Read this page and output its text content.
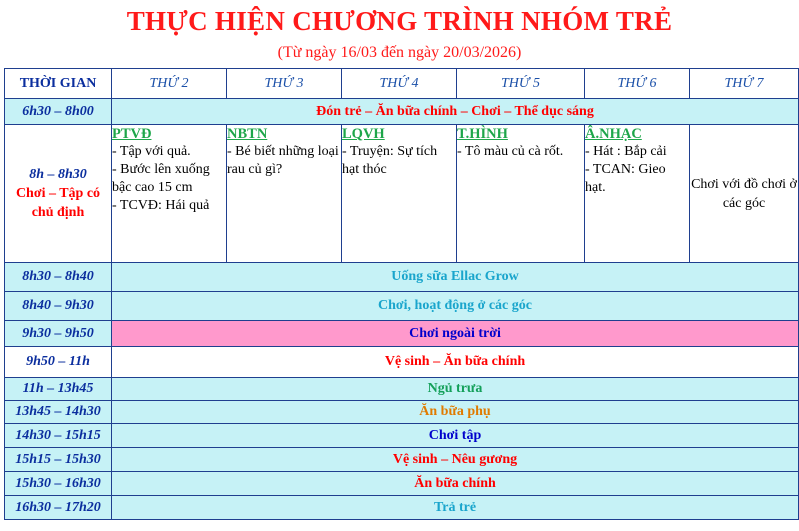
THỰC HIỆN CHƯƠNG TRÌNH NHÓM TRẺ
(Từ ngày 16/03 đến ngày 20/03/2026)
THỜI GIAN	THỨ 2	THỨ 3	THỨ 4	THỨ 5	THỨ 6	THỨ 7
6h30 – 8h00	Đón trẻ – Ăn bữa chính – Chơi – Thể dục sáng					

8h – 8h30
Chơi – Tập có chủ định	PTVĐ
- Tập với quả.
- Bước lên xuống bậc cao 15 cm
- TCVĐ: Hái quả	NBTN
- Bé biết những loại rau củ gì?	LQVH
- Truyện: Sự tích hạt thóc	T.HÌNH
- Tô màu củ cà rốt.	Â.NHẠC
- Hát : Bắp cải
- TCAN: Gieo hạt.	Chơi với đồ chơi ở các góc
8h30 – 8h40	Uống sữa Ellac Grow					
8h40 – 9h30	Chơi, hoạt động ở các góc					
9h30 – 9h50	Chơi ngoài trời					
9h50 – 11h	Vệ sinh – Ăn bữa chính					
11h – 13h45	Ngủ trưa					
13h45 – 14h30	Ăn bữa phụ					
14h30 – 15h15	Chơi tập					
15h15 – 15h30	Vệ sinh – Nêu gương					
15h30 – 16h30	Ăn bữa chính					
16h30 – 17h20	Trả trẻ					
